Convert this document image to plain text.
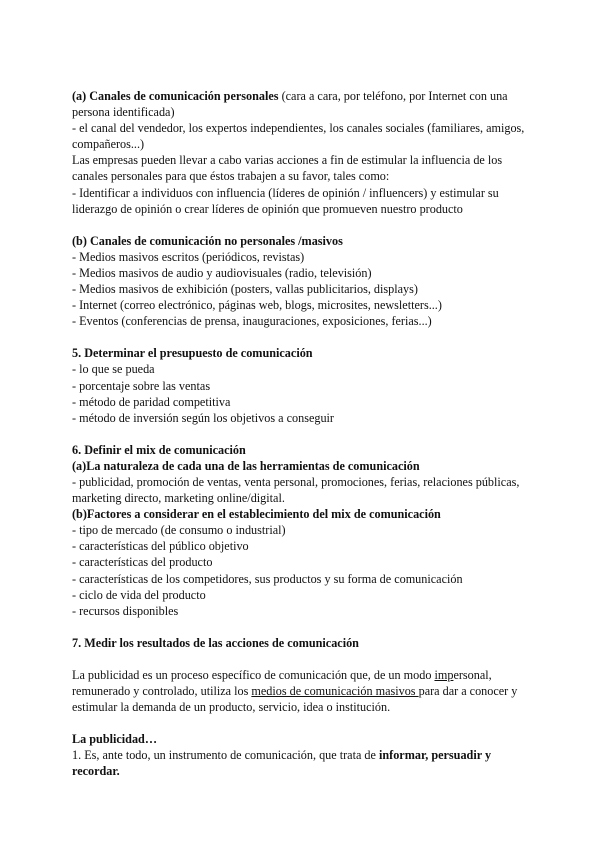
(a) Canales de comunicación personales (cara a cara, por teléfono, por Internet con una persona identificada)

- el canal del vendedor, los expertos independientes, los canales sociales (familiares, amigos, compañeros...)

Las empresas pueden llevar a cabo varias acciones a fin de estimular la influencia de los canales personales para que éstos trabajen a su favor, tales como:

- Identificar a individuos con influencia (líderes de opinión / influencers) y estimular su liderazgo de opinión o crear líderes de opinión que promueven nuestro producto

(b) Canales de comunicación no personales /masivos

- Medios masivos escritos (periódicos, revistas)

- Medios masivos de audio y audiovisuales (radio, televisión)

- Medios masivos de exhibición (posters, vallas publicitarios, displays)

- Internet (correo electrónico, páginas web, blogs, microsites, newsletters...)

- Eventos (conferencias de prensa, inauguraciones, exposiciones, ferias...)

5. Determinar el presupuesto de comunicación

- lo que se pueda

- porcentaje sobre las ventas

- método de paridad competitiva

- método de inversión según los objetivos a conseguir

6. Definir el mix de comunicación

(a)La naturaleza de cada una de las herramientas de comunicación

- publicidad, promoción de ventas, venta personal, promociones, ferias, relaciones públicas, marketing directo, marketing online/digital.

(b)Factores a considerar en el establecimiento del mix de comunicación

- tipo de mercado (de consumo o industrial)

- características del público objetivo

- características del producto

- características de los competidores, sus productos y su forma de comunicación

- ciclo de vida del producto

- recursos disponibles

7. Medir los resultados de las acciones de comunicación

La publicidad es un proceso específico de comunicación que, de un modo impersonal, remunerado y controlado, utiliza los medios de comunicación masivos para dar a conocer y estimular la demanda de un producto, servicio, idea o institución.

La publicidad…

1. Es, ante todo, un instrumento de comunicación, que trata de informar, persuadir y recordar.
